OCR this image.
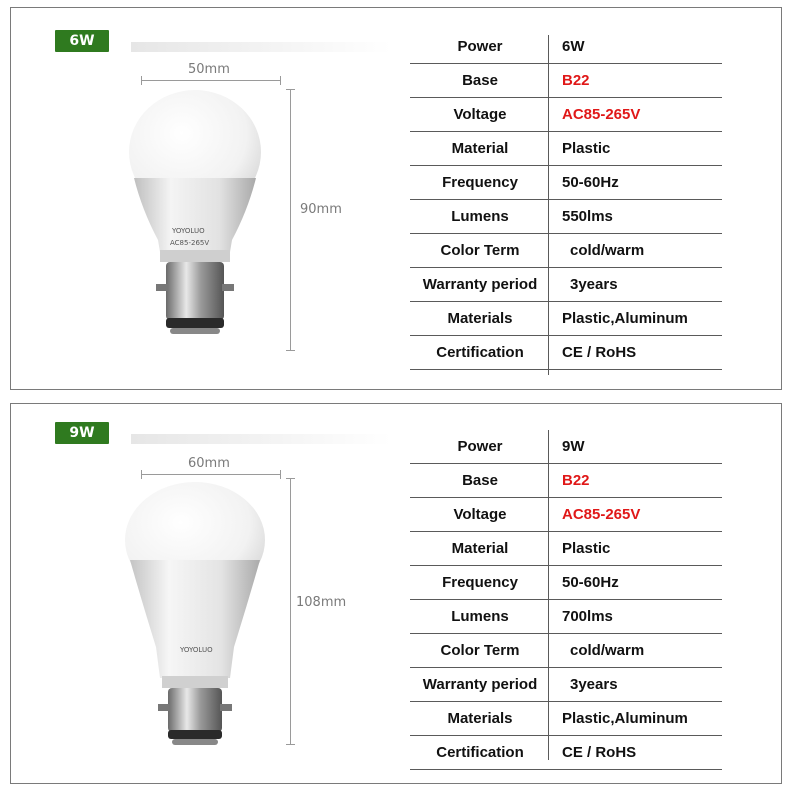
6W
50mm
90mm
YOYOLUO
AC85-265V
Power	6W
Base	B22
Voltage	AC85-265V
Material	Plastic
Frequency	50-60Hz
Lumens	550lms
Color Term	cold/warm
Warranty period	3years
Materials	Plastic,Aluminum
Certification	CE / RoHS
9W
60mm
108mm
YOYOLUO
Power	9W
Base	B22
Voltage	AC85-265V
Material	Plastic
Frequency	50-60Hz
Lumens	700lms
Color Term	cold/warm
Warranty period	3years
Materials	Plastic,Aluminum
Certification	CE / RoHS
